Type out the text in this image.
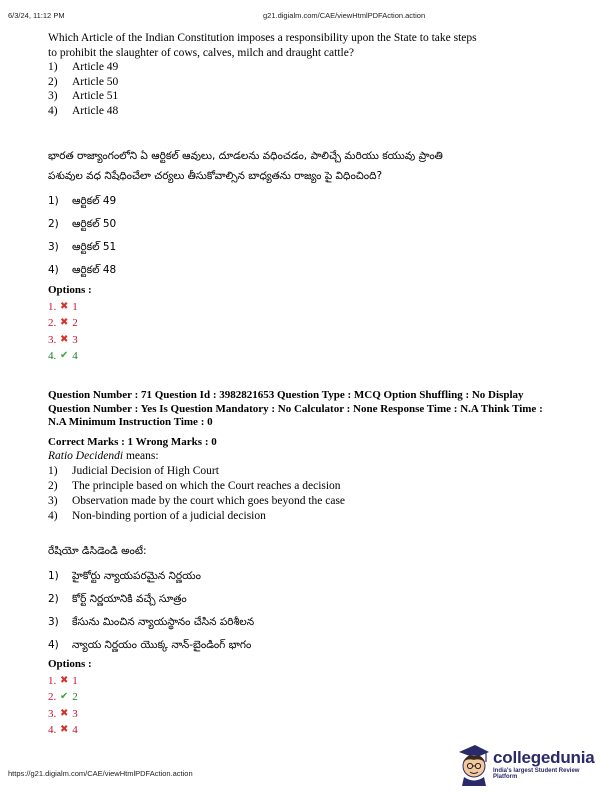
6/3/24, 11:12 PM	g21.digialm.com/CAE/viewHtmlPDFAction.action
Which Article of the Indian Constitution imposes a responsibility upon the State to take steps
to prohibit the slaughter of cows, calves, milch and draught cattle?
1)	Article 49
2)	Article 50
3)	Article 51
4)	Article 48
భారత రాజ్యాంగంలోని ఏ ఆర్టికల్ ఆవులు, దూడలను వధించడం, పాలిచ్చే మరియు కయువు ప్రాంతి
పశువుల వధ నిషేధించేలా చర్యలు తీసుకోవాల్సిన బాధ్యతను రాజ్యం పై విధించింది?
1)	ఆర్టికల్ 49
2)	ఆర్టికల్ 50
3)	ఆర్టికల్ 51
4)	ఆర్టికల్ 48
Options :
1. ✖ 1
2. ✖ 2
3. ✖ 3
4. ✔ 4
Question Number : 71 Question Id : 3982821653 Question Type : MCQ Option Shuffling : No Display
Question Number : Yes Is Question Mandatory : No Calculator : None Response Time : N.A Think Time :
N.A Minimum Instruction Time : 0
Correct Marks : 1 Wrong Marks : 0
Ratio Decidendi means:
1)	Judicial Decision of High Court
2)	The principle based on which the Court reaches a decision
3)	Observation made by the court which goes beyond the case
4)	Non-binding portion of a judicial decision
రేషియో డిసిడెండి అంటే:
1)	హైకోర్టు న్యాయపరమైన నిర్ణయం
2)	కోర్ట్ నిర్ణయానికి వచ్చే సూత్రం
3)	కేసును మించిన న్యాయస్థానం చేసిన పరిశీలన
4)	న్యాయ నిర్ణయం యొక్క నాన్-బైండింగ్ భాగం
Options :
1. ✖ 1
2. ✔ 2
3. ✖ 3
4. ✖ 4
https://g21.digialm.com/CAE/viewHtmlPDFAction.action
collegedunia
India's largest Student Review Platform
